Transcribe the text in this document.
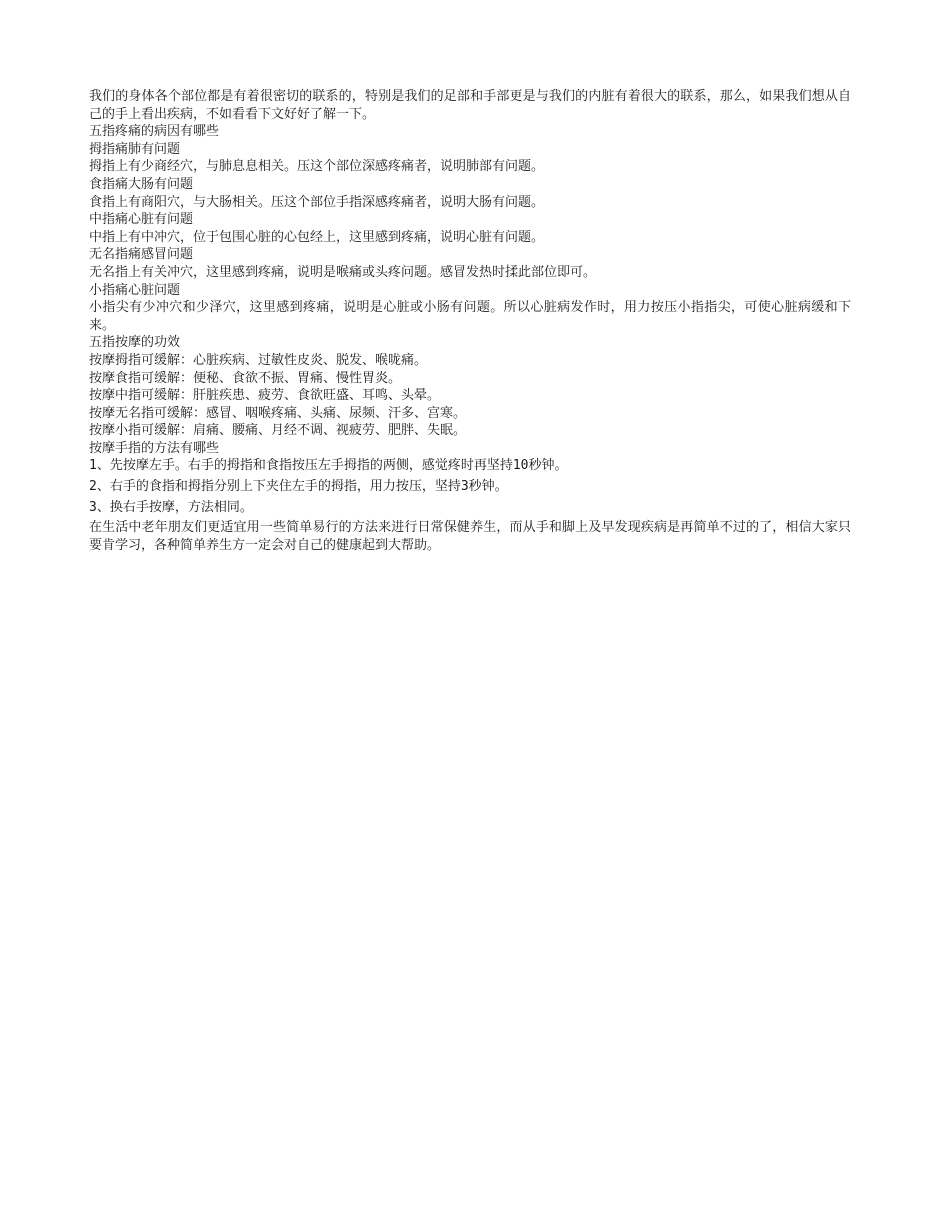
我们的身体各个部位都是有着很密切的联系的，特别是我们的足部和手部更是与我们的内脏有着很大的联系，那么，如果我们想从自己的手上看出疾病，不如看看下文好好了解一下。

五指疼痛的病因有哪些

拇指痛肺有问题

拇指上有少商经穴，与肺息息相关。压这个部位深感疼痛者，说明肺部有问题。

食指痛大肠有问题

食指上有商阳穴，与大肠相关。压这个部位手指深感疼痛者，说明大肠有问题。

中指痛心脏有问题

中指上有中冲穴，位于包围心脏的心包经上，这里感到疼痛，说明心脏有问题。

无名指痛感冒问题

无名指上有关冲穴，这里感到疼痛，说明是喉痛或头疼问题。感冒发热时揉此部位即可。

小指痛心脏问题

小指尖有少冲穴和少泽穴，这里感到疼痛，说明是心脏或小肠有问题。所以心脏病发作时，用力按压小指指尖，可使心脏病缓和下来。

五指按摩的功效

按摩拇指可缓解：心脏疾病、过敏性皮炎、脱发、喉咙痛。

按摩食指可缓解：便秘、食欲不振、胃痛、慢性胃炎。

按摩中指可缓解：肝脏疾患、疲劳、食欲旺盛、耳鸣、头晕。

按摩无名指可缓解：感冒、咽喉疼痛、头痛、尿频、汗多、宫寒。

按摩小指可缓解：肩痛、腰痛、月经不调、视疲劳、肥胖、失眠。

按摩手指的方法有哪些

1、先按摩左手。右手的拇指和食指按压左手拇指的两侧，感觉疼时再坚持10秒钟。

2、右手的食指和拇指分别上下夹住左手的拇指，用力按压，坚持3秒钟。

3、换右手按摩，方法相同。

在生活中老年朋友们更适宜用一些简单易行的方法来进行日常保健养生，而从手和脚上及早发现疾病是再简单不过的了，相信大家只要肯学习，各种简单养生方一定会对自己的健康起到大帮助。
